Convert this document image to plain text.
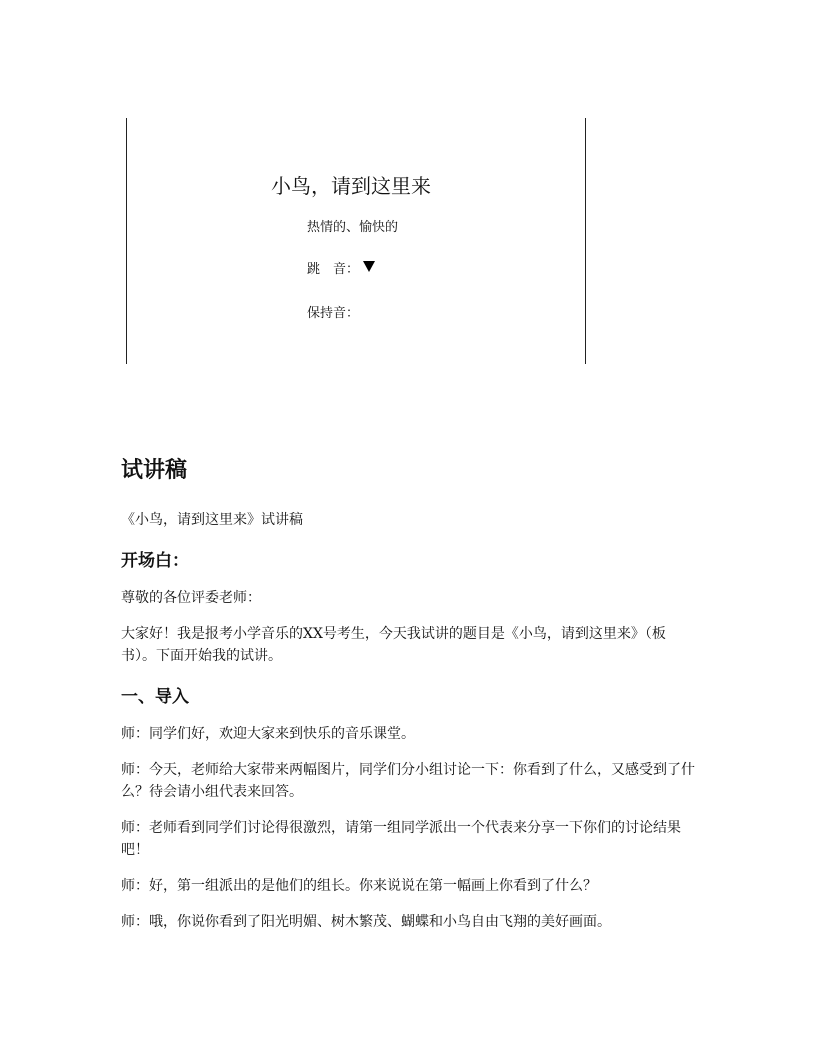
小鸟，请到这里来
热情的、愉快的
跳　音：
保持音：
试讲稿
《小鸟，请到这里来》试讲稿
开场白：
尊敬的各位评委老师：
大家好！我是报考小学音乐的XX号考生，今天我试讲的题目是《小鸟，请到这里来》（板书）。下面开始我的试讲。
一、导入
师：同学们好，欢迎大家来到快乐的音乐课堂。
师：今天，老师给大家带来两幅图片，同学们分小组讨论一下：你看到了什么，又感受到了什么？待会请小组代表来回答。
师：老师看到同学们讨论得很激烈，请第一组同学派出一个代表来分享一下你们的讨论结果吧！
师：好，第一组派出的是他们的组长。你来说说在第一幅画上你看到了什么？
师：哦，你说你看到了阳光明媚、树木繁茂、蝴蝶和小鸟自由飞翔的美好画面。
